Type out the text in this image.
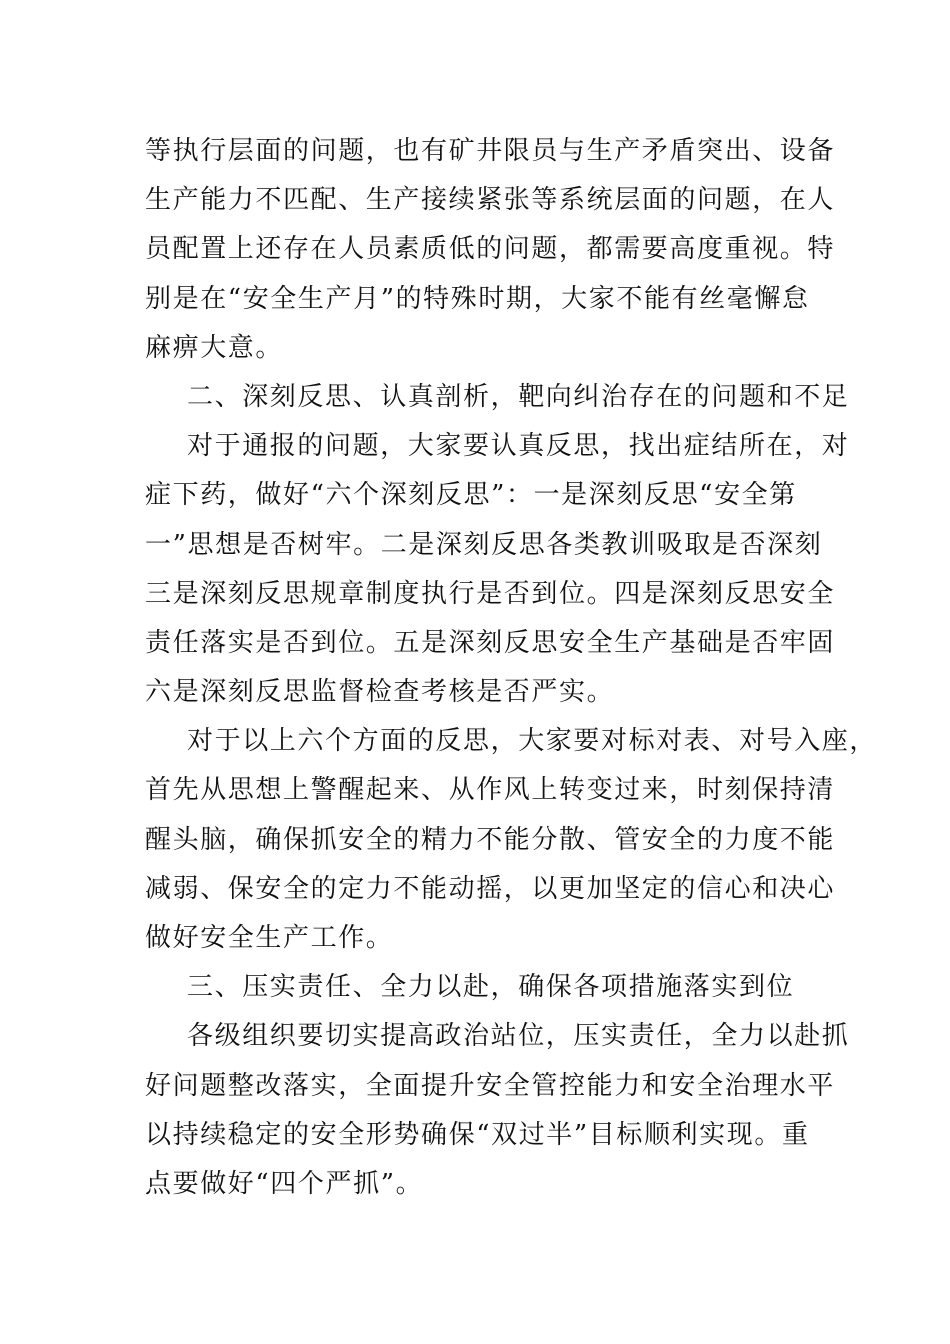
等执行层面的问题，也有矿井限员与生产矛盾突出、设备
生产能力不匹配、生产接续紧张等系统层面的问题，在人
员配置上还存在人员素质低的问题，都需要高度重视。特
别是在“安全生产月”的特殊时期，大家不能有丝毫懈怠
麻痹大意。
二、深刻反思、认真剖析，靶向纠治存在的问题和不足
对于通报的问题，大家要认真反思，找出症结所在，对
症下药，做好“六个深刻反思”：一是深刻反思“安全第
一”思想是否树牢。二是深刻反思各类教训吸取是否深刻
三是深刻反思规章制度执行是否到位。四是深刻反思安全
责任落实是否到位。五是深刻反思安全生产基础是否牢固
六是深刻反思监督检查考核是否严实。
对于以上六个方面的反思，大家要对标对表、对号入座，
首先从思想上警醒起来、从作风上转变过来，时刻保持清
醒头脑，确保抓安全的精力不能分散、管安全的力度不能
减弱、保安全的定力不能动摇，以更加坚定的信心和决心
做好安全生产工作。
三、压实责任、全力以赴，确保各项措施落实到位
各级组织要切实提高政治站位，压实责任，全力以赴抓
好问题整改落实，全面提升安全管控能力和安全治理水平
以持续稳定的安全形势确保“双过半”目标顺利实现。重
点要做好“四个严抓”。
